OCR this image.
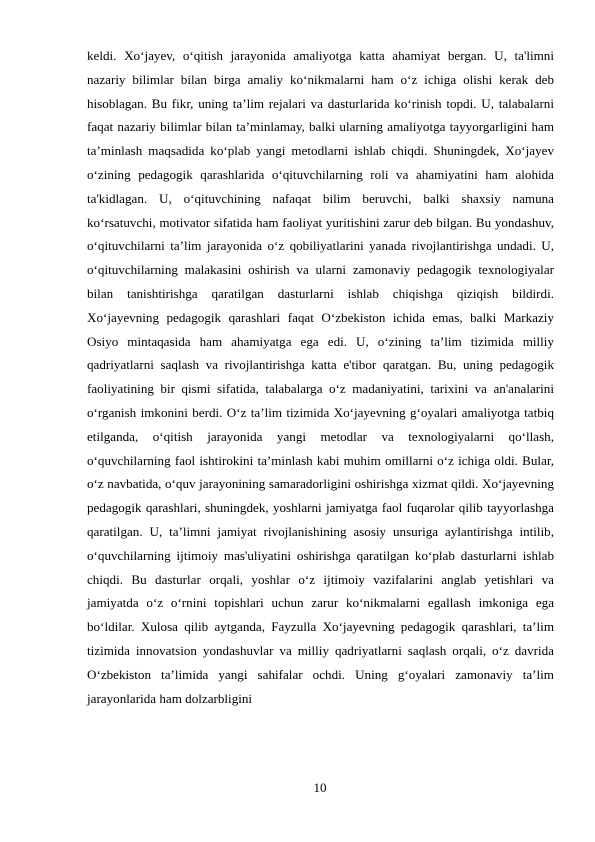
keldi. Xo‘jayev, o‘qitish jarayonida amaliyotga katta ahamiyat bergan. U, ta'limni nazariy bilimlar bilan birga amaliy ko‘nikmalarni ham o‘z ichiga olishi kerak deb hisoblagan. Bu fikr, uning ta’lim rejalari va dasturlarida ko‘rinish topdi. U, talabalarni faqat nazariy bilimlar bilan ta’minlamay, balki ularning amaliyotga tayyorgarligini ham ta’minlash maqsadida ko‘plab yangi metodlarni ishlab chiqdi. Shuningdek, Xo‘jayev o‘zining pedagogik qarashlarida o‘qituvchilarning roli va ahamiyatini ham alohida ta'kidlagan. U, o‘qituvchining nafaqat bilim beruvchi, balki shaxsiy namuna ko‘rsatuvchi, motivator sifatida ham faoliyat yuritishini zarur deb bilgan. Bu yondashuv, o‘qituvchilarni ta’lim jarayonida o‘z qobiliyatlarini yanada rivojlantirishga undadi. U, o‘qituvchilarning malakasini oshirish va ularni zamonaviy pedagogik texnologiyalar bilan tanishtirishga qaratilgan dasturlarni ishlab chiqishga qiziqish bildirdi. Xo‘jayevning pedagogik qarashlari faqat O‘zbekiston ichida emas, balki Markaziy Osiyo mintaqasida ham ahamiyatga ega edi. U, o‘zining ta’lim tizimida milliy qadriyatlarni saqlash va rivojlantirishga katta e'tibor qaratgan. Bu, uning pedagogik faoliyatining bir qismi sifatida, talabalarga o‘z madaniyatini, tarixini va an'analarini o‘rganish imkonini berdi. O‘z ta’lim tizimida Xo‘jayevning g‘oyalari amaliyotga tatbiq etilganda, o‘qitish jarayonida yangi metodlar va texnologiyalarni qo‘llash, o‘quvchilarning faol ishtirokini ta’minlash kabi muhim omillarni o‘z ichiga oldi. Bular, o‘z navbatida, o‘quv jarayonining samaradorligini oshirishga xizmat qildi. Xo‘jayevning pedagogik qarashlari, shuningdek, yoshlarni jamiyatga faol fuqarolar qilib tayyorlashga qaratilgan. U, ta’limni jamiyat rivojlanishining asosiy unsuriga aylantirishga intilib, o‘quvchilarning ijtimoiy mas'uliyatini oshirishga qaratilgan ko‘plab dasturlarni ishlab chiqdi. Bu dasturlar orqali, yoshlar o‘z ijtimoiy vazifalarini anglab yetishlari va jamiyatda o‘z o‘rnini topishlari uchun zarur ko‘nikmalarni egallash imkoniga ega bo‘ldilar. Xulosa qilib aytganda, Fayzulla Xo‘jayevning pedagogik qarashlari, ta’lim tizimida innovatsion yondashuvlar va milliy qadriyatlarni saqlash orqali, o‘z davrida O‘zbekiston ta’limida yangi sahifalar ochdi. Uning g‘oyalari zamonaviy ta’lim jarayonlarida ham dolzarbligini

10
